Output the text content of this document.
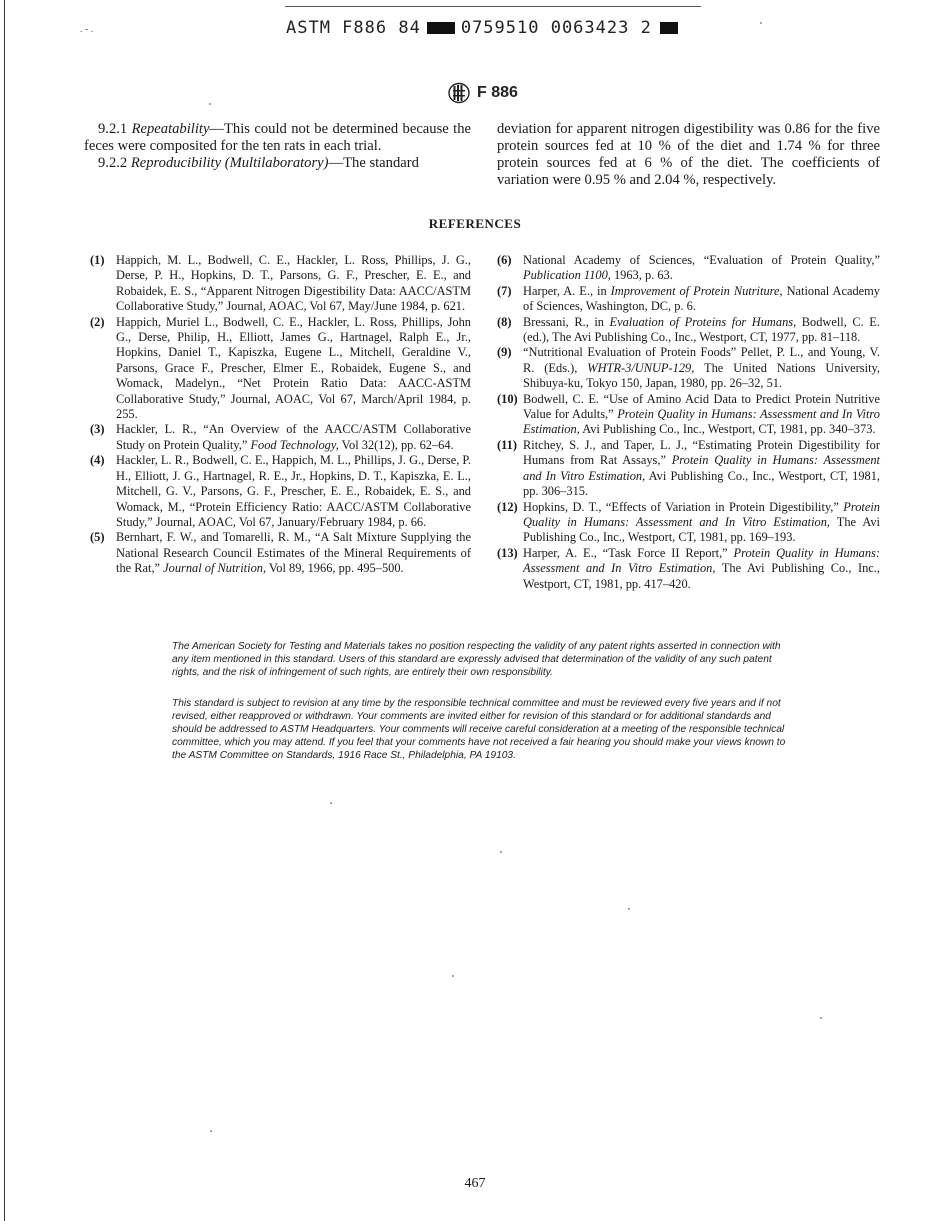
. - .	ASTM F886 84 0759510 0063423 2
F 886

9.2.1 Repeatability—This could not be determined because the feces were composited for the ten rats in each trial.

9.2.2 Reproducibility (Multilaboratory)—The standard

deviation for apparent nitrogen digestibility was 0.86 for the five protein sources fed at 10 % of the diet and 1.74 % for three protein sources fed at 6 % of the diet. The coefficients of variation were 0.95 % and 2.04 %, respectively.

REFERENCES
(1) Happich, M. L., Bodwell, C. E., Hackler, L. Ross, Phillips, J. G., Derse, P. H., Hopkins, D. T., Parsons, G. F., Prescher, E. E., and Robaidek, E. S., “Apparent Nitrogen Digestibility Data: AACC/ASTM Collaborative Study,” Journal, AOAC, Vol 67, May/June 1984, p. 621.
(2) Happich, Muriel L., Bodwell, C. E., Hackler, L. Ross, Phillips, John G., Derse, Philip, H., Elliott, James G., Hartnagel, Ralph E., Jr., Hopkins, Daniel T., Kapiszka, Eugene L., Mitchell, Geraldine V., Parsons, Grace F., Prescher, Elmer E., Robaidek, Eugene S., and Womack, Madelyn., “Net Protein Ratio Data: AACC-ASTM Collaborative Study,” Journal, AOAC, Vol 67, March/April 1984, p. 255.
(3) Hackler, L. R., “An Overview of the AACC/ASTM Collaborative Study on Protein Quality,” Food Technology, Vol 32(12), pp. 62–64.
(4) Hackler, L. R., Bodwell, C. E., Happich, M. L., Phillips, J. G., Derse, P. H., Elliott, J. G., Hartnagel, R. E., Jr., Hopkins, D. T., Kapiszka, E. L., Mitchell, G. V., Parsons, G. F., Prescher, E. E., Robaidek, E. S., and Womack, M., “Protein Efficiency Ratio: AACC/ASTM Collaborative Study,” Journal, AOAC, Vol 67, January/February 1984, p. 66.
(5) Bernhart, F. W., and Tomarelli, R. M., “A Salt Mixture Supplying the National Research Council Estimates of the Mineral Requirements of the Rat,” Journal of Nutrition, Vol 89, 1966, pp. 495–500.
(6) National Academy of Sciences, “Evaluation of Protein Quality,” Publication 1100, 1963, p. 63.
(7) Harper, A. E., in Improvement of Protein Nutriture, National Academy of Sciences, Washington, DC, p. 6.
(8) Bressani, R., in Evaluation of Proteins for Humans, Bodwell, C. E. (ed.), The Avi Publishing Co., Inc., Westport, CT, 1977, pp. 81–118.
(9) “Nutritional Evaluation of Protein Foods” Pellet, P. L., and Young, V. R. (Eds.), WHTR-3/UNUP-129, The United Nations University, Shibuya-ku, Tokyo 150, Japan, 1980, pp. 26–32, 51.
(10) Bodwell, C. E. “Use of Amino Acid Data to Predict Protein Nutritive Value for Adults,” Protein Quality in Humans: Assessment and In Vitro Estimation, Avi Publishing Co., Inc., Westport, CT, 1981, pp. 340–373.
(11) Ritchey, S. J., and Taper, L. J., “Estimating Protein Digestibility for Humans from Rat Assays,” Protein Quality in Humans: Assessment and In Vitro Estimation, Avi Publishing Co., Inc., Westport, CT, 1981, pp. 306–315.
(12) Hopkins, D. T., “Effects of Variation in Protein Digestibility,” Protein Quality in Humans: Assessment and In Vitro Estimation, The Avi Publishing Co., Inc., Westport, CT, 1981, pp. 169–193.
(13) Harper, A. E., “Task Force II Report,” Protein Quality in Humans: Assessment and In Vitro Estimation, The Avi Publishing Co., Inc., Westport, CT, 1981, pp. 417–420.
The American Society for Testing and Materials takes no position respecting the validity of any patent rights asserted in connection with any item mentioned in this standard. Users of this standard are expressly advised that determination of the validity of any such patent rights, and the risk of infringement of such rights, are entirely their own responsibility.
This standard is subject to revision at any time by the responsible technical committee and must be reviewed every five years and if not revised, either reapproved or withdrawn. Your comments are invited either for revision of this standard or for additional standards and should be addressed to ASTM Headquarters. Your comments will receive careful consideration at a meeting of the responsible technical committee, which you may attend. If you feel that your comments have not received a fair hearing you should make your views known to the ASTM Committee on Standards, 1916 Race St., Philadelphia, PA 19103.
467
